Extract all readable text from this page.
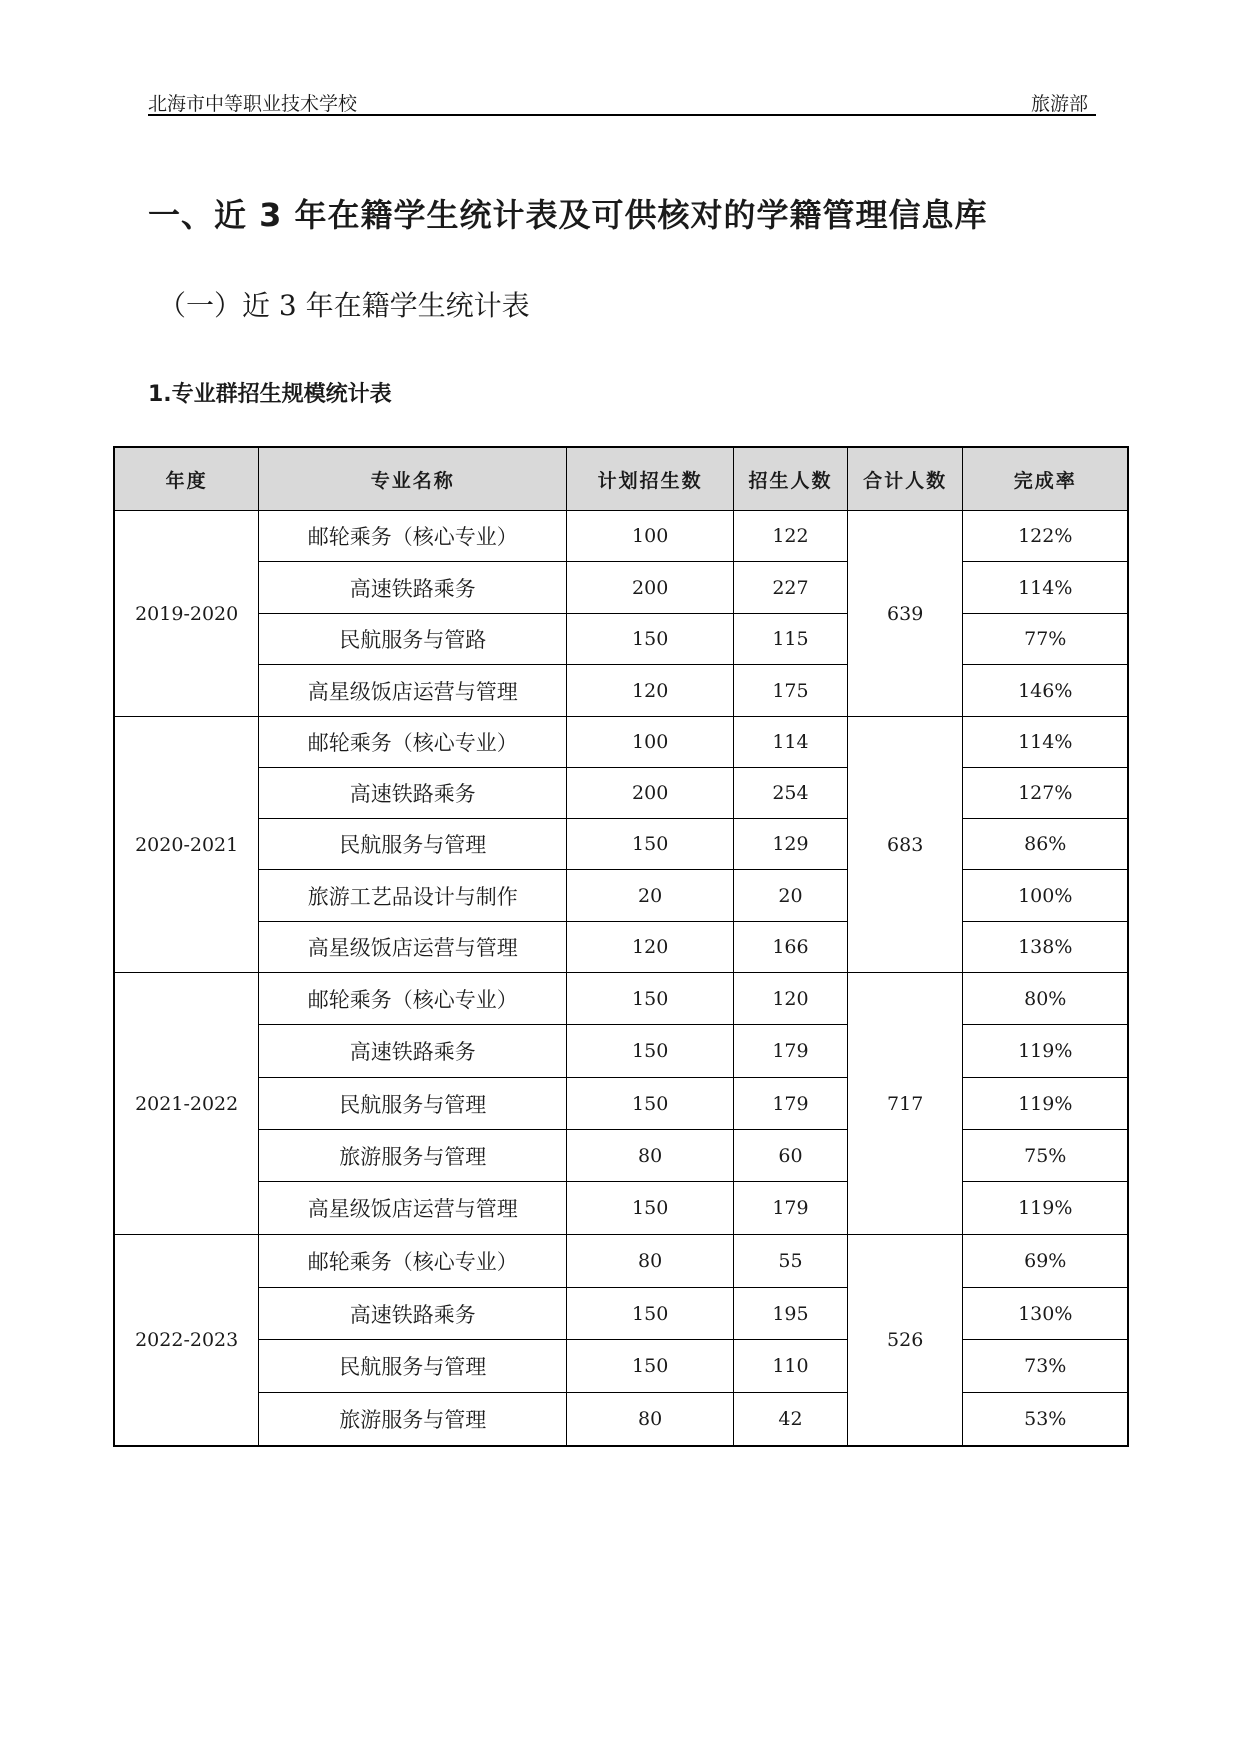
北海市中等职业技术学校	旅游部
一、近 3 年在籍学生统计表及可供核对的学籍管理信息库
（一）近 3 年在籍学生统计表
1.专业群招生规模统计表
年度	专业名称	计划招生数	招生人数	合计人数	完成率
2019-2020	邮轮乘务（核心专业）	100	122	639	122%
	高速铁路乘务	200	227		114%
	民航服务与管路	150	115		77%
	高星级饭店运营与管理	120	175		146%
2020-2021	邮轮乘务（核心专业）	100	114	683	114%
	高速铁路乘务	200	254		127%
	民航服务与管理	150	129		86%
	旅游工艺品设计与制作	20	20		100%
	高星级饭店运营与管理	120	166		138%
2021-2022	邮轮乘务（核心专业）	150	120	717	80%
	高速铁路乘务	150	179		119%
	民航服务与管理	150	179		119%
	旅游服务与管理	80	60		75%
	高星级饭店运营与管理	150	179		119%
2022-2023	邮轮乘务（核心专业）	80	55	526	69%
	高速铁路乘务	150	195		130%
	民航服务与管理	150	110		73%
	旅游服务与管理	80	42		53%
